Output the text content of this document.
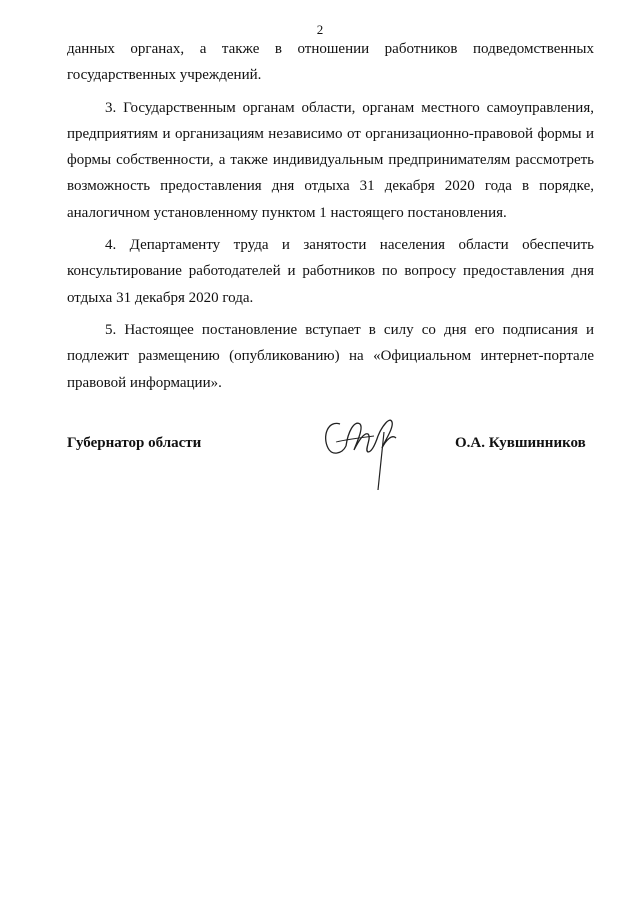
2

данных органах, а также в отношении работников подведомственных государственных учреждений.

3. Государственным органам области, органам местного самоуправления, предприятиям и организациям независимо от организационно-правовой формы и формы собственности, а также индивидуальным предпринимателям рассмотреть возможность предоставления дня отдыха 31 декабря 2020 года в порядке, аналогичном установленному пунктом 1 настоящего постановления.

4. Департаменту труда и занятости населения области обеспечить консультирование работодателей и работников по вопросу предоставления дня отдыха 31 декабря 2020 года.

5. Настоящее постановление вступает в силу со дня его подписания и подлежит размещению (опубликованию) на «Официальном интернет-портале правовой информации».

Губернатор области	О.А. Кувшинников
